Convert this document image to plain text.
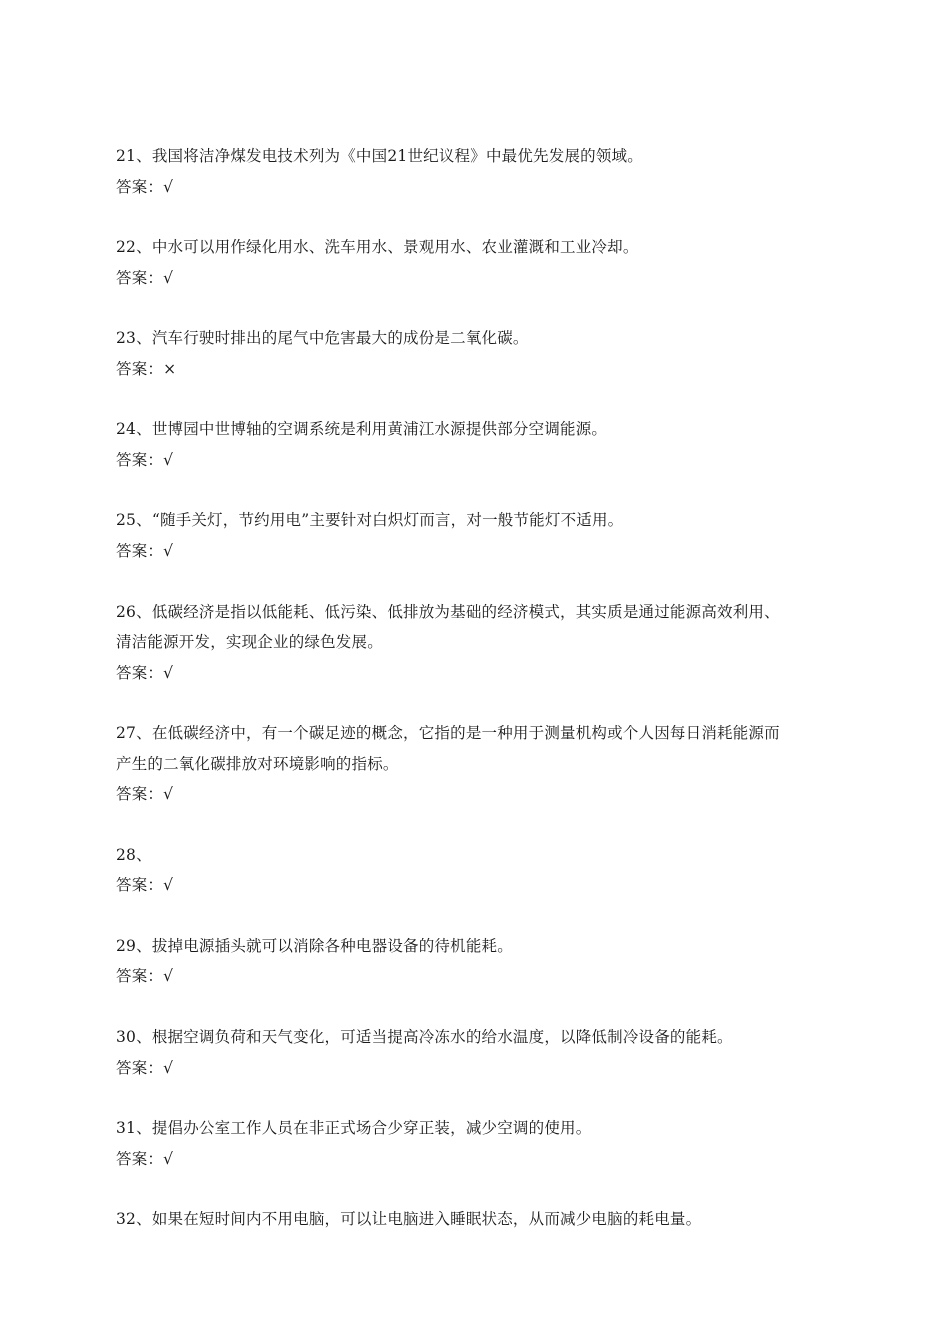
21、我国将洁净煤发电技术列为《中国21世纪议程》中最优先发展的领域。
答案：√
22、中水可以用作绿化用水、洗车用水、景观用水、农业灌溉和工业冷却。
答案：√
23、汽车行驶时排出的尾气中危害最大的成份是二氧化碳。
答案：×
24、世博园中世博轴的空调系统是利用黄浦江水源提供部分空调能源。
答案：√
25、“随手关灯，节约用电”主要针对白炽灯而言，对一般节能灯不适用。
答案：√
26、低碳经济是指以低能耗、低污染、低排放为基础的经济模式，其实质是通过能源高效利用、
清洁能源开发，实现企业的绿色发展。
答案：√
27、在低碳经济中，有一个碳足迹的概念，它指的是一种用于测量机构或个人因每日消耗能源而
产生的二氧化碳排放对环境影响的指标。
答案：√
28、
答案：√
29、拔掉电源插头就可以消除各种电器设备的待机能耗。
答案：√
30、根据空调负荷和天气变化，可适当提高冷冻水的给水温度，以降低制冷设备的能耗。
答案：√
31、提倡办公室工作人员在非正式场合少穿正装，减少空调的使用。
答案：√
32、如果在短时间内不用电脑，可以让电脑进入睡眠状态，从而减少电脑的耗电量。
